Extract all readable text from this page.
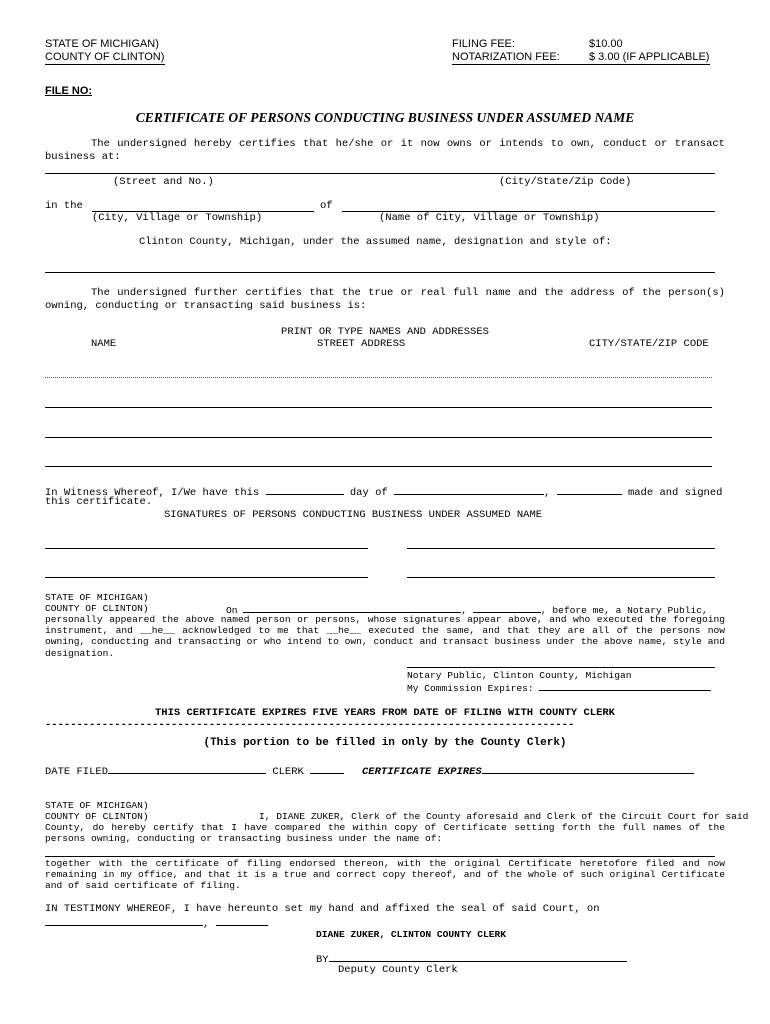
STATE OF MICHIGAN)
COUNTY OF CLINTON)
FILING FEE:	$10.00
NOTARIZATION FEE:	$ 3.00 (IF APPLICABLE)
FILE NO:
CERTIFICATE OF PERSONS CONDUCTING BUSINESS UNDER ASSUMED NAME
The undersigned hereby certifies that he/she or it now owns or intends to own, conduct or transact business at:
(Street and No.)	(City/State/Zip Code)
in the	of
(City, Village or Township)	(Name of City, Village or Township)
Clinton County, Michigan, under the assumed name, designation and style of:
The undersigned further certifies that the true or real full name and the address of the person(s) owning, conducting or transacting said business is:
PRINT OR TYPE NAMES AND ADDRESSES
NAME	STREET ADDRESS	CITY/STATE/ZIP CODE
In Witness Whereof, I/We have this	day of	,	made and signed
this certificate.
SIGNATURES OF PERSONS CONDUCTING BUSINESS UNDER ASSUMED NAME
STATE OF MICHIGAN)
COUNTY OF CLINTON)	On	,	, before me, a Notary Public,
personally appeared the above named person or persons, whose signatures appear above, and who executed the foregoing instrument, and __he__ acknowledged to me that __he__ executed the same, and that they are all of the persons now owning, conducting and transacting or who intend to own, conduct and transact business under the above name, style and designation.
Notary Public, Clinton County, Michigan
My Commission Expires:
THIS CERTIFICATE EXPIRES FIVE YEARS FROM DATE OF FILING WITH COUNTY CLERK
------------------------------------------------------------------------------------
(This portion to be filled in only by the County Clerk)
DATE FILED	CLERK	CERTIFICATE EXPIRES
STATE OF MICHIGAN)
COUNTY OF CLINTON)	I, DIANE ZUKER, Clerk of the County aforesaid and Clerk of the Circuit Court for said
County, do hereby certify that I have compared the within copy of Certificate setting forth the full names of the persons owning, conducting or transacting business under the name of:
together with the certificate of filing endorsed thereon, with the original Certificate heretofore filed and now remaining in my office, and that it is a true and correct copy thereof, and of the whole of such original Certificate and of said certificate of filing.
IN TESTIMONY WHEREOF, I have hereunto set my hand and affixed the seal of said Court, on
,
DIANE ZUKER, CLINTON COUNTY CLERK
BY
Deputy County Clerk
